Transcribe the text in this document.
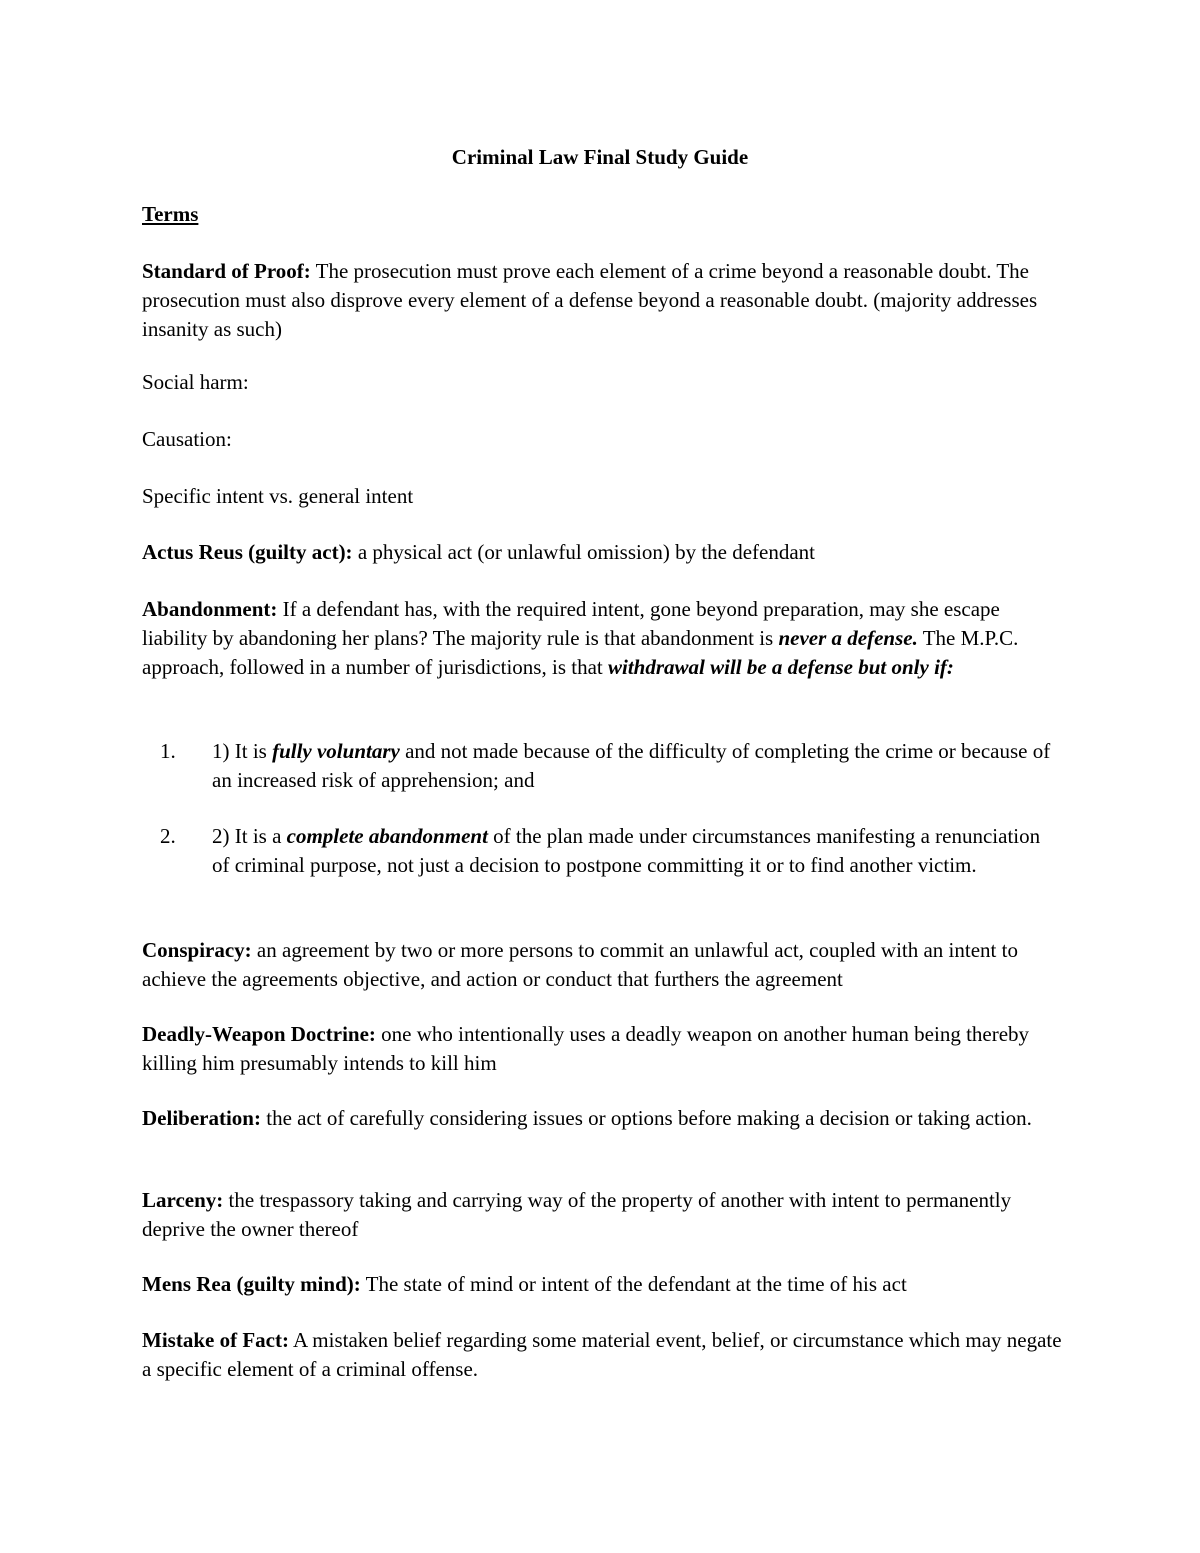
Criminal Law Final Study Guide
Terms

Standard of Proof: The prosecution must prove each element of a crime beyond a reasonable doubt. The prosecution must also disprove every element of a defense beyond a reasonable doubt. (majority addresses insanity as such)

Social harm:

Causation:

Specific intent vs. general intent

Actus Reus (guilty act): a physical act (or unlawful omission) by the defendant

Abandonment: If a defendant has, with the required intent, gone beyond preparation, may she escape liability by abandoning her plans? The majority rule is that abandonment is never a defense. The M.P.C. approach, followed in a number of jurisdictions, is that withdrawal will be a defense but only if:

1.	1) It is fully voluntary and not made because of the difficulty of completing the crime or because of an increased risk of apprehension; and
2.	2) It is a complete abandonment of the plan made under circumstances manifesting a renunciation of criminal purpose, not just a decision to postpone committing it or to find another victim.

Conspiracy: an agreement by two or more persons to commit an unlawful act, coupled with an intent to achieve the agreements objective, and action or conduct that furthers the agreement

Deadly-Weapon Doctrine: one who intentionally uses a deadly weapon on another human being thereby killing him presumably intends to kill him

Deliberation: the act of carefully considering issues or options before making a decision or taking action.

Larceny: the trespassory taking and carrying way of the property of another with intent to permanently deprive the owner thereof

Mens Rea (guilty mind): The state of mind or intent of the defendant at the time of his act

Mistake of Fact: A mistaken belief regarding some material event, belief, or circumstance which may negate a specific element of a criminal offense.
